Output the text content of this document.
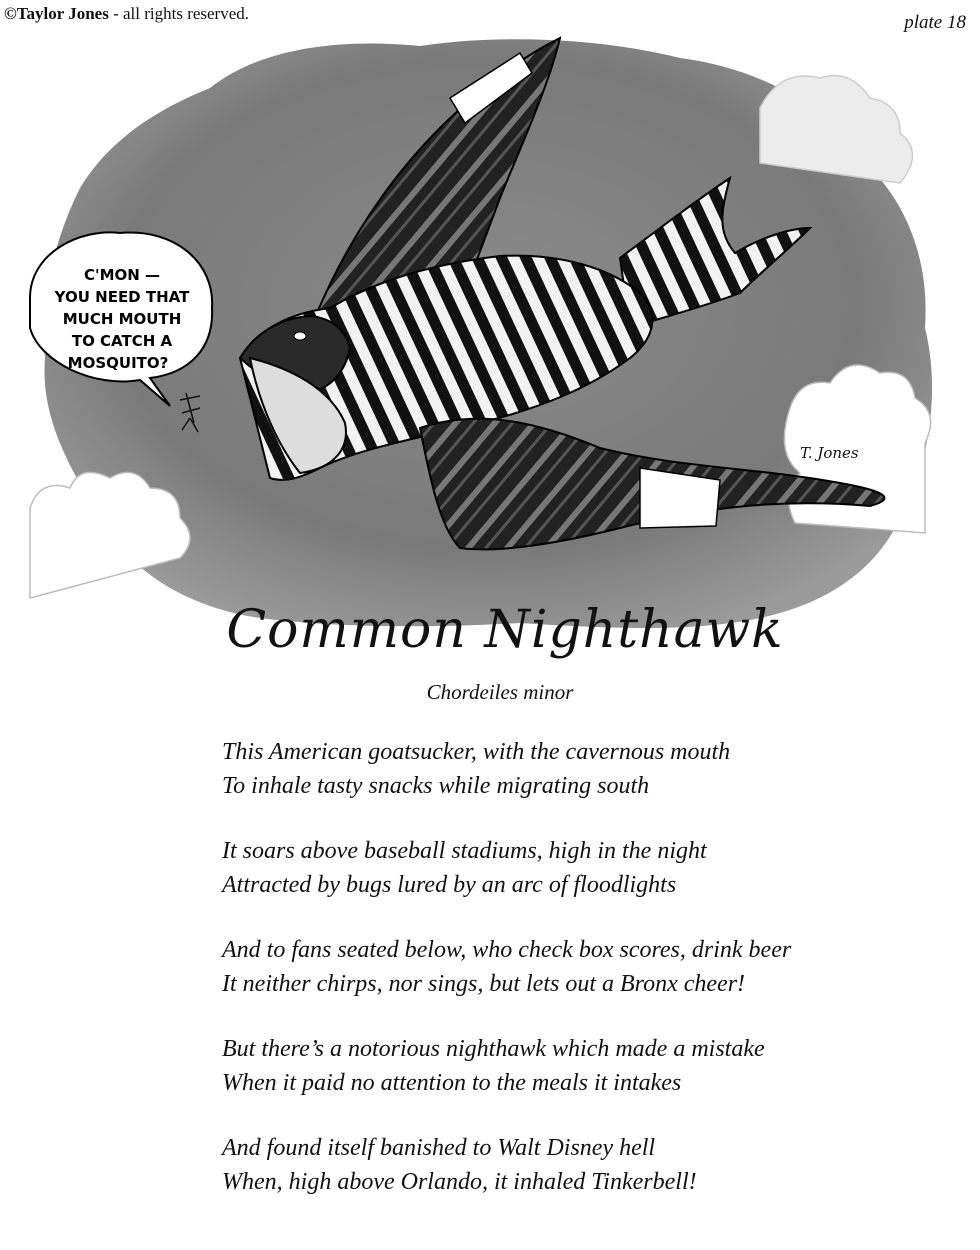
©Taylor Jones - all rights reserved.	plate 18
C'MON —
YOU NEED THAT
MUCH MOUTH
TO CATCH A
MOSQUITO?
T. Jones
Common Nighthawk
Chordeiles minor
This American goatsucker, with the cavernous mouth
To inhale tasty snacks while migrating south
It soars above baseball stadiums, high in the night
Attracted by bugs lured by an arc of floodlights
And to fans seated below, who check box scores, drink beer
It neither chirps, nor sings, but lets out a Bronx cheer!
But there’s a notorious nighthawk which made a mistake
When it paid no attention to the meals it intakes
And found itself banished to Walt Disney hell
When, high above Orlando, it inhaled Tinkerbell!
